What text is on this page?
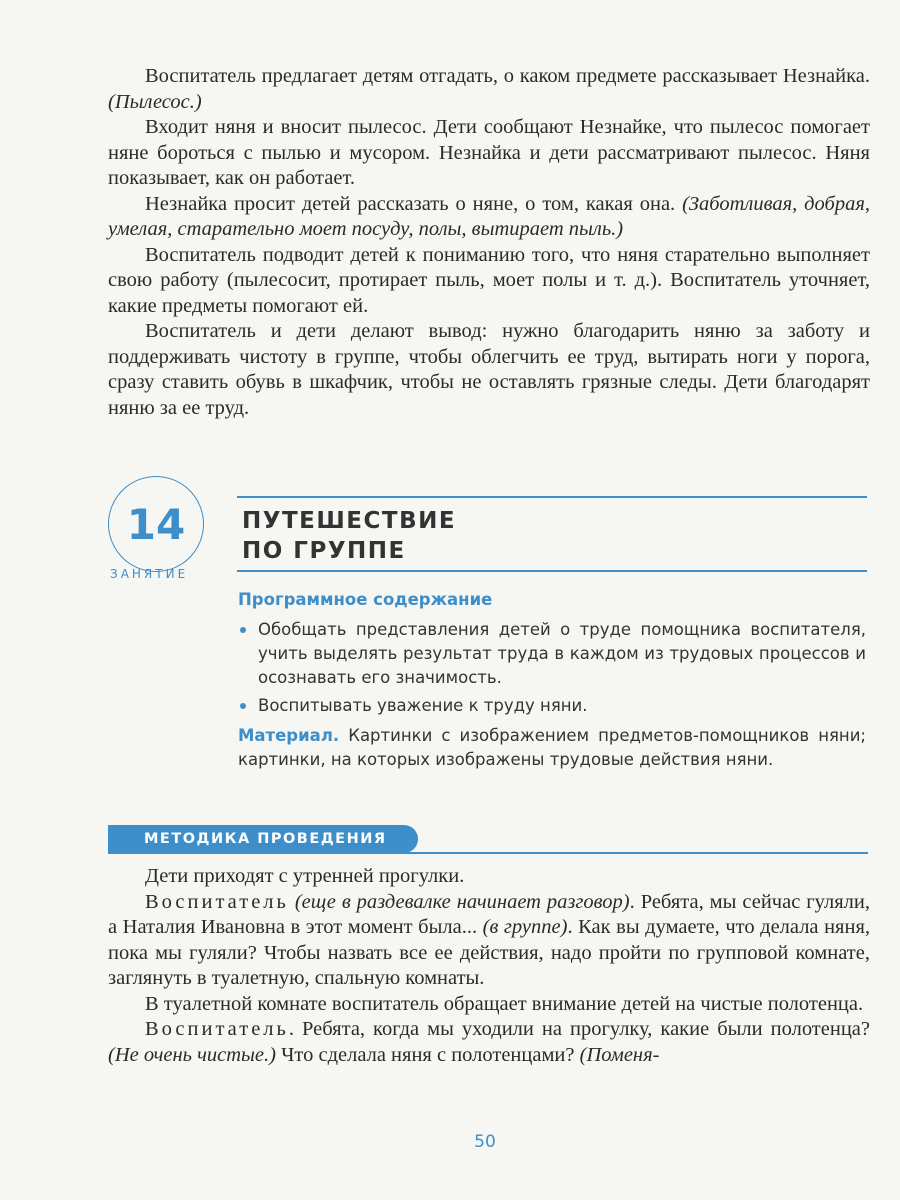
Воспитатель предлагает детям отгадать, о каком предмете рассказывает Незнайка. (Пылесос.)

Входит няня и вносит пылесос. Дети сообщают Незнайке, что пылесос помогает няне бороться с пылью и мусором. Незнайка и дети рассматривают пылесос. Няня показывает, как он работает.

Незнайка просит детей рассказать о няне, о том, какая она. (Заботливая, добрая, умелая, старательно моет посуду, полы, вытирает пыль.)

Воспитатель подводит детей к пониманию того, что няня старательно выполняет свою работу (пылесосит, протирает пыль, моет полы и т. д.). Воспитатель уточняет, какие предметы помогают ей.

Воспитатель и дети делают вывод: нужно благодарить няню за заботу и поддерживать чистоту в группе, чтобы облегчить ее труд, вытирать ноги у порога, сразу ставить обувь в шкафчик, чтобы не оставлять грязные следы. Дети благодарят няню за ее труд.

14
ЗАНЯТИЕ
ПУТЕШЕСТВИЕ
ПО ГРУППЕ
Программное содержание
Обобщать представления детей о труде помощника воспитателя, учить выделять результат труда в каждом из трудовых процессов и осознавать его значимость.
Воспитывать уважение к труду няни.
Материал. Картинки с изображением предметов-помощников няни; картинки, на которых изображены трудовые действия няни.
МЕТОДИКА ПРОВЕДЕНИЯ

Дети приходят с утренней прогулки.

Воспитатель (еще в раздевалке начинает разговор). Ребята, мы сейчас гуляли, а Наталия Ивановна в этот момент была... (в группе). Как вы думаете, что делала няня, пока мы гуляли? Чтобы назвать все ее действия, надо пройти по групповой комнате, заглянуть в туалетную, спальную комнаты.

В туалетной комнате воспитатель обращает внимание детей на чистые полотенца.

Воспитатель. Ребята, когда мы уходили на прогулку, какие были полотенца? (Не очень чистые.) Что сделала няня с полотенцами? (Поменя-

50
